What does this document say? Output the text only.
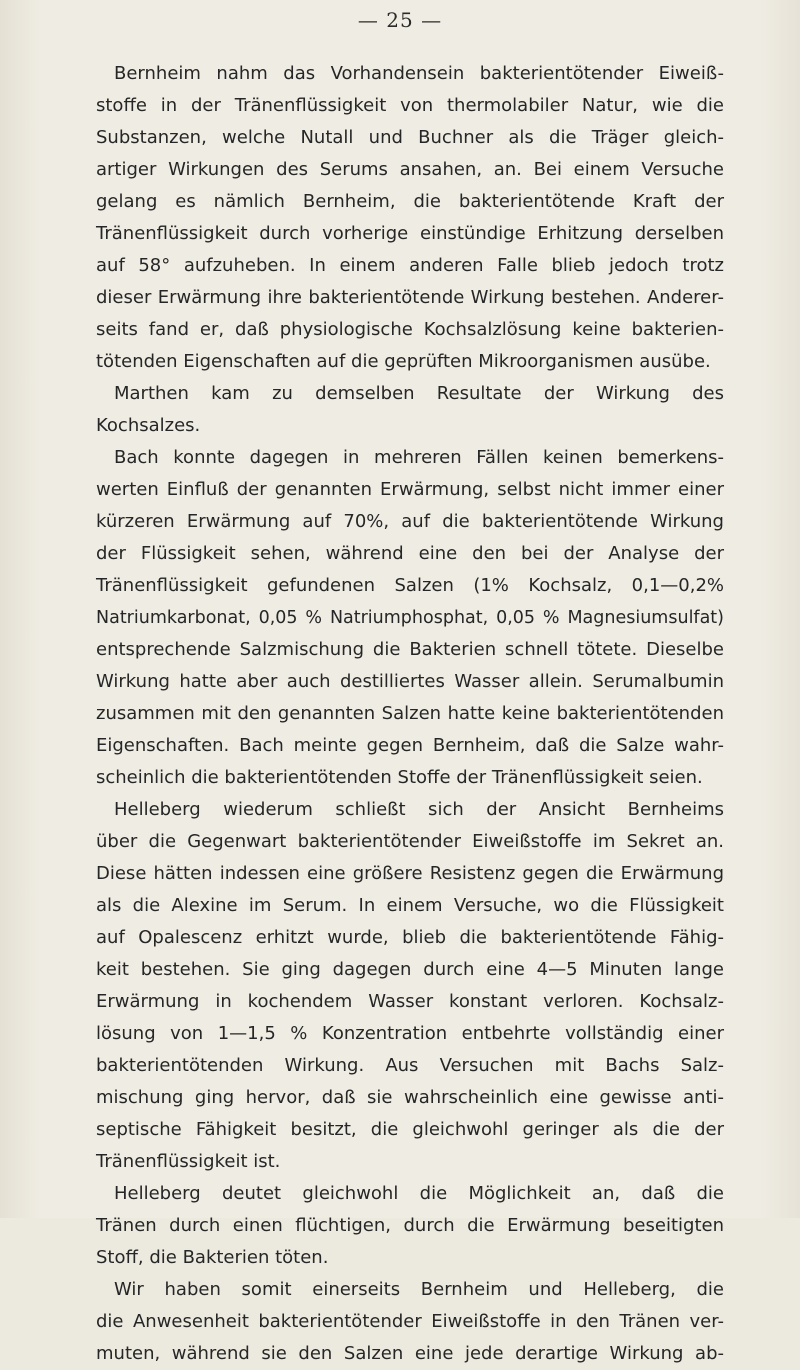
— 25 —
Bernheim nahm das Vorhandensein bakterientötender Eiweiß-
stoffe in der Tränenflüssigkeit von thermolabiler Natur, wie die
Substanzen, welche Nutall und Buchner als die Träger gleich-
artiger Wirkungen des Serums ansahen, an. Bei einem Versuche
gelang es nämlich Bernheim, die bakterientötende Kraft der
Tränenflüssigkeit durch vorherige einstündige Erhitzung derselben
auf 58° aufzuheben. In einem anderen Falle blieb jedoch trotz
dieser Erwärmung ihre bakterientötende Wirkung bestehen. Anderer-
seits fand er, daß physiologische Kochsalzlösung keine bakterien-
tötenden Eigenschaften auf die geprüften Mikroorganismen ausübe.
Marthen kam zu demselben Resultate der Wirkung des
Kochsalzes.
Bach konnte dagegen in mehreren Fällen keinen bemerkens-
werten Einfluß der genannten Erwärmung, selbst nicht immer einer
kürzeren Erwärmung auf 70%, auf die bakterientötende Wirkung
der Flüssigkeit sehen, während eine den bei der Analyse der
Tränenflüssigkeit gefundenen Salzen (1% Kochsalz, 0,1—0,2%
Natriumkarbonat, 0,05 % Natriumphosphat, 0,05 % Magnesiumsulfat)
entsprechende Salzmischung die Bakterien schnell tötete. Dieselbe
Wirkung hatte aber auch destilliertes Wasser allein. Serumalbumin
zusammen mit den genannten Salzen hatte keine bakterientötenden
Eigenschaften. Bach meinte gegen Bernheim, daß die Salze wahr-
scheinlich die bakterientötenden Stoffe der Tränenflüssigkeit seien.
Helleberg wiederum schließt sich der Ansicht Bernheims
über die Gegenwart bakterientötender Eiweißstoffe im Sekret an.
Diese hätten indessen eine größere Resistenz gegen die Erwärmung
als die Alexine im Serum. In einem Versuche, wo die Flüssigkeit
auf Opalescenz erhitzt wurde, blieb die bakterientötende Fähig-
keit bestehen. Sie ging dagegen durch eine 4—5 Minuten lange
Erwärmung in kochendem Wasser konstant verloren. Kochsalz-
lösung von 1—1,5 % Konzentration entbehrte vollständig einer
bakterientötenden Wirkung. Aus Versuchen mit Bachs Salz-
mischung ging hervor, daß sie wahrscheinlich eine gewisse anti-
septische Fähigkeit besitzt, die gleichwohl geringer als die der
Tränenflüssigkeit ist.
Helleberg deutet gleichwohl die Möglichkeit an, daß die
Tränen durch einen flüchtigen, durch die Erwärmung beseitigten
Stoff, die Bakterien töten.
Wir haben somit einerseits Bernheim und Helleberg, die
die Anwesenheit bakterientötender Eiweißstoffe in den Tränen ver-
muten, während sie den Salzen eine jede derartige Wirkung ab-
